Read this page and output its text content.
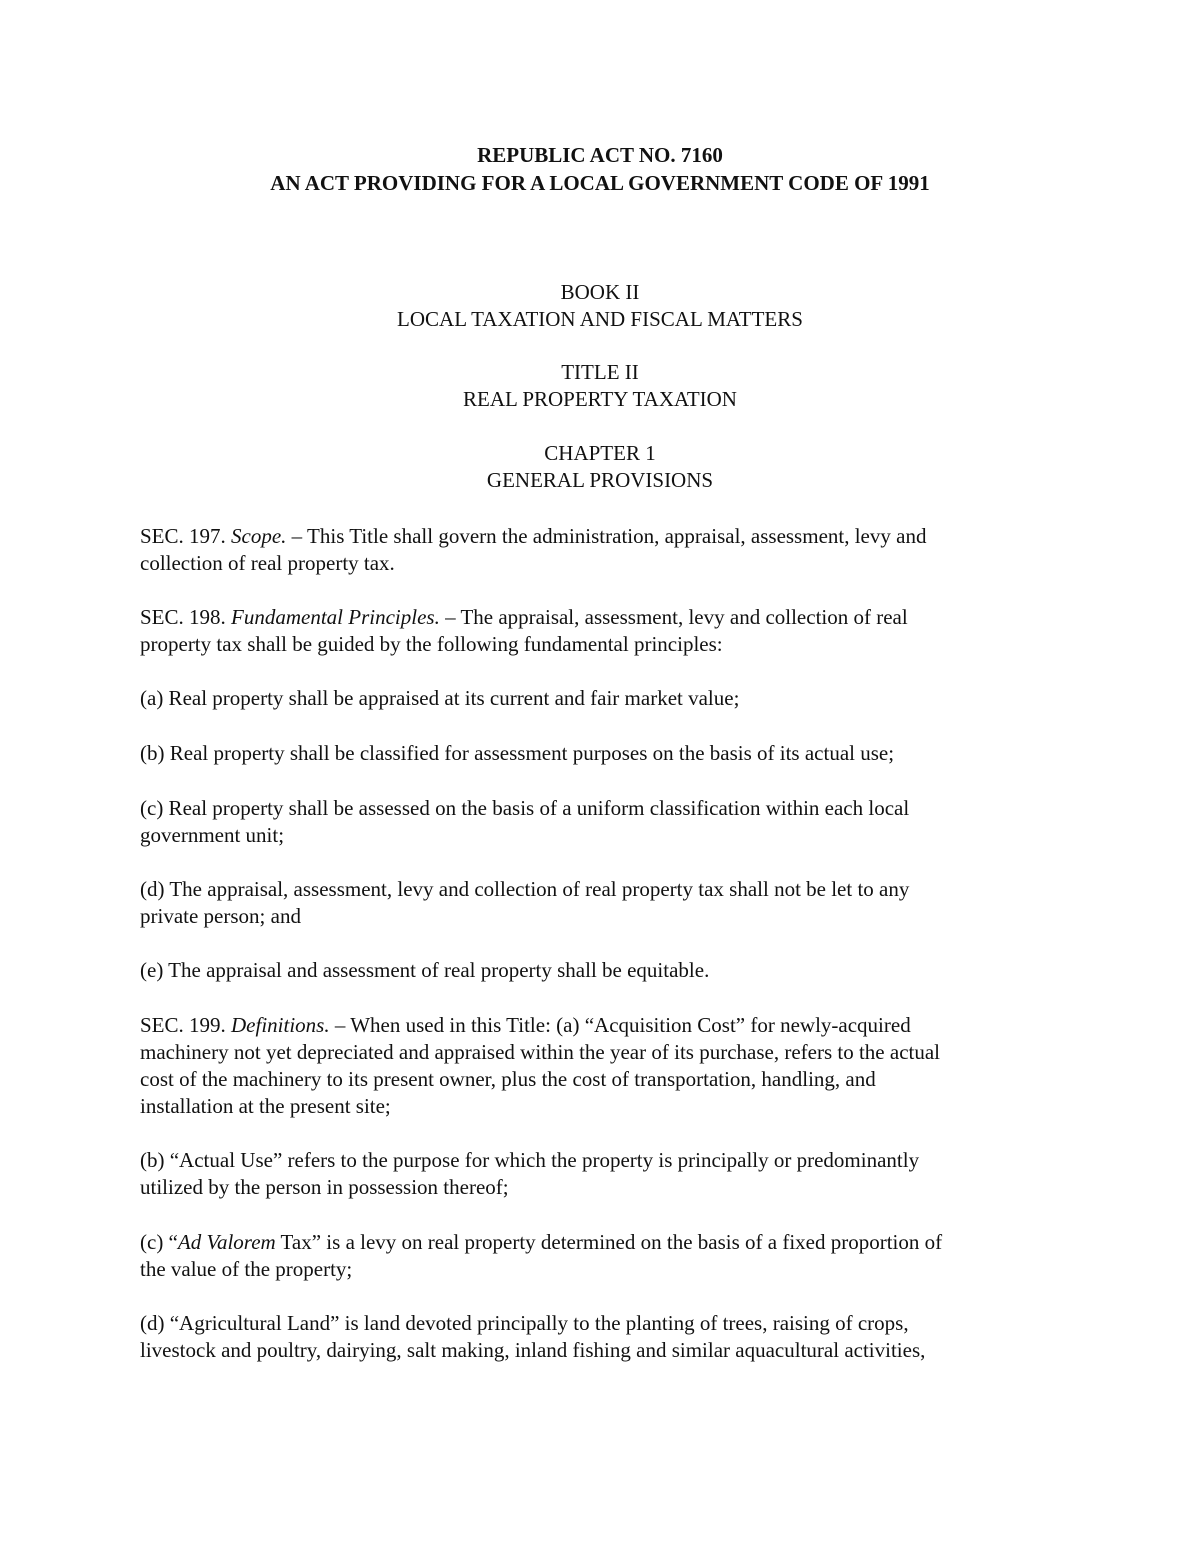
REPUBLIC ACT NO. 7160
AN ACT PROVIDING FOR A LOCAL GOVERNMENT CODE OF 1991
BOOK II
LOCAL TAXATION AND FISCAL MATTERS
TITLE II
REAL PROPERTY TAXATION
CHAPTER 1
GENERAL PROVISIONS
SEC. 197. Scope. – This Title shall govern the administration, appraisal, assessment, levy and
collection of real property tax.
SEC. 198. Fundamental Principles. – The appraisal, assessment, levy and collection of real
property tax shall be guided by the following fundamental principles:
(a) Real property shall be appraised at its current and fair market value;
(b) Real property shall be classified for assessment purposes on the basis of its actual use;
(c) Real property shall be assessed on the basis of a uniform classification within each local
government unit;
(d) The appraisal, assessment, levy and collection of real property tax shall not be let to any
private person; and
(e) The appraisal and assessment of real property shall be equitable.
SEC. 199. Definitions. – When used in this Title: (a) “Acquisition Cost” for newly-acquired
machinery not yet depreciated and appraised within the year of its purchase, refers to the actual
cost of the machinery to its present owner, plus the cost of transportation, handling, and
installation at the present site;
(b) “Actual Use” refers to the purpose for which the property is principally or predominantly
utilized by the person in possession thereof;
(c) “Ad Valorem Tax” is a levy on real property determined on the basis of a fixed proportion of
the value of the property;
(d) “Agricultural Land” is land devoted principally to the planting of trees, raising of crops,
livestock and poultry, dairying, salt making, inland fishing and similar aquacultural activities,
